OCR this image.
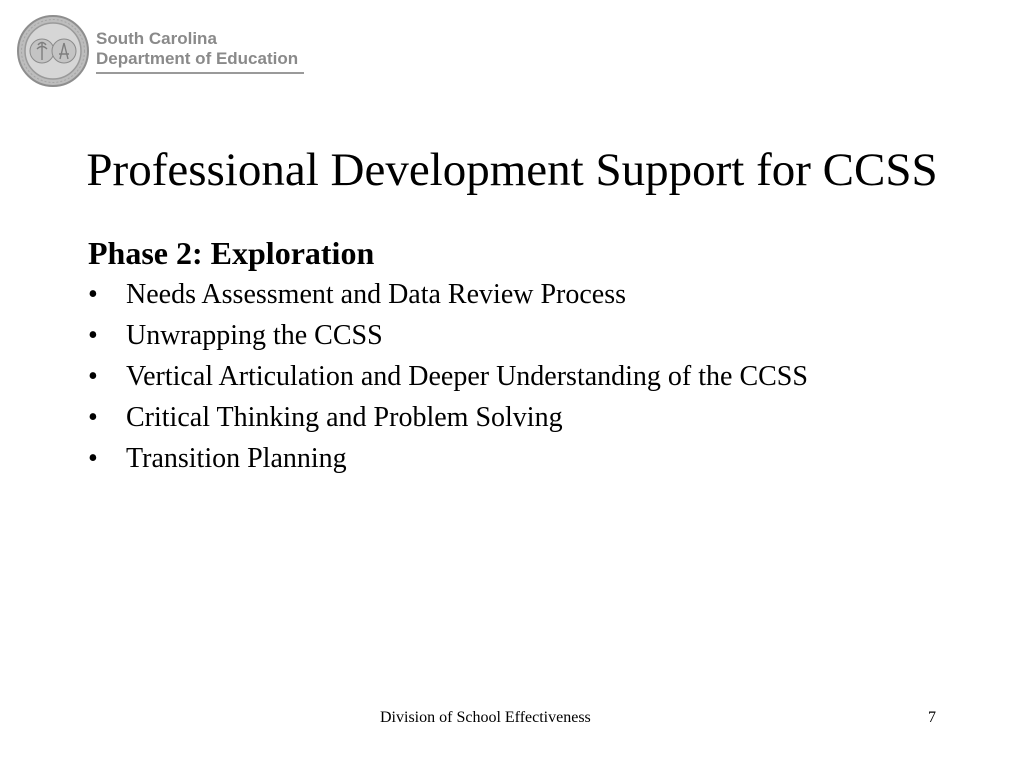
South Carolina
Department of Education
Professional Development Support for CCSS

Phase 2: Exploration

• Needs Assessment and Data Review Process
• Unwrapping the CCSS
• Vertical Articulation and Deeper Understanding of the CCSS
• Critical Thinking and Problem Solving
• Transition Planning
Division of School Effectiveness	7
